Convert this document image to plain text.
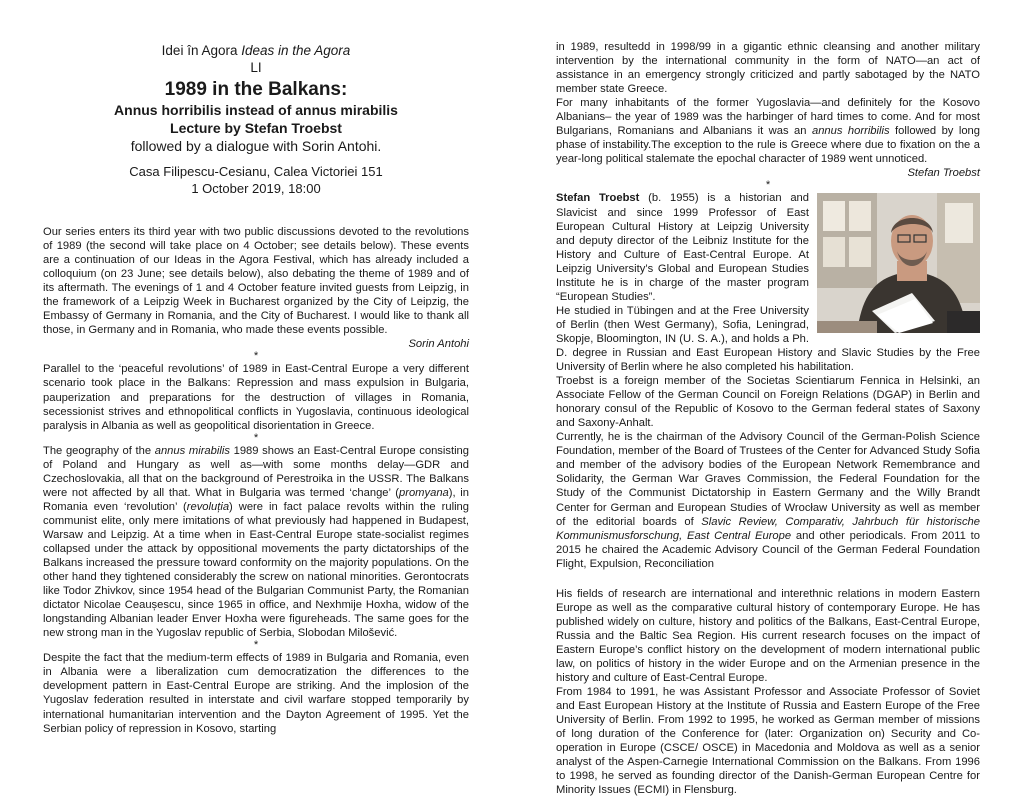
Idei în Agora Ideas in the Agora
LI
1989 in the Balkans:
Annus horribilis instead of annus mirabilis
Lecture by Stefan Troebst
followed by a dialogue with Sorin Antohi.
Casa Filipescu-Cesianu, Calea Victoriei 151
1 October 2019, 18:00

Our series enters its third year with two public discussions devoted to the revolutions of 1989 (the second will take place on 4 October; see details below). These events are a continuation of our Ideas in the Agora Festival, which has already included a colloquium (on 23 June; see details below), also debating the theme of 1989 and of its aftermath. The evenings of 1 and 4 October feature invited guests from Leipzig, in the framework of a Leipzig Week in Bucharest organized by the City of Leipzig, the Embassy of Germany in Romania, and the City of Bucharest. I would like to thank all those, in Germany and in Romania, who made these events possible.

Sorin Antohi

*

Parallel to the ‘peaceful revolutions’ of 1989 in East-Central Europe a very different scenario took place in the Balkans: Repression and mass expulsion in Bulgaria, pauperization and preparations for the destruction of villages in Romania, secessionist strives and ethnopolitical conflicts in Yugoslavia, continuous ideological paralysis in Albania as well as geopolitical disorientation in Greece.

*

The geography of the annus mirabilis 1989 shows an East-Central Europe consisting of Poland and Hungary as well as—with some months delay—GDR and Czechoslovakia, all that on the background of Perestroika in the USSR. The Balkans were not affected by all that. What in Bulgaria was termed ‘change’ (promyana), in Romania even ‘revolution’ (revoluția) were in fact palace revolts within the ruling communist elite, only mere imitations of what previously had happened in Budapest, Warsaw and Leipzig. At a time when in East-Central Europe state-socialist regimes collapsed under the attack by oppositional movements the party dictatorships of the Balkans increased the pressure toward conformity on the majority populations. On the other hand they tightened considerably the screw on national minorities. Gerontocrats like Todor Zhivkov, since 1954 head of the Bulgarian Communist Party, the Romanian dictator Nicolae Ceaușescu, since 1965 in office, and Nexhmije Hoxha, widow of the longstanding Albanian leader Enver Hoxha were figureheads. The same goes for the new strong man in the Yugoslav republic of Serbia, Slobodan Milošević.

*

Despite the fact that the medium-term effects of 1989 in Bulgaria and Romania, even in Albania were a liberalization cum democratization the differences to the development pattern in East-Central Europe are striking. And the implosion of the Yugoslav federation resulted in interstate and civil warfare stopped temporarily by international humanitarian intervention and the Dayton Agreement of 1995. Yet the Serbian policy of repression in Kosovo, starting

in 1989, resultedd in 1998/99 in a gigantic ethnic cleansing and another military intervention by the international community in the form of NATO—an act of assistance in an emergency strongly criticized and partly sabotaged by the NATO member state Greece.

For many inhabitants of the former Yugoslavia—and definitely for the Kosovo Albanians– the year of 1989 was the harbinger of hard times to come. And for most Bulgarians, Romanians and Albanians it was an annus horribilis followed by long phase of instability.The exception to the rule is Greece where due to fixation on the a year-long political stalemate the epochal character of 1989 went unnoticed.

Stefan Troebst

*

Stefan Troebst (b. 1955) is a historian and Slavicist and since 1999 Professor of East European Cultural History at Leipzig University and deputy director of the Leibniz Institute for the History and Culture of East-Central Europe. At Leipzig University’s Global and European Studies Institute he is in charge of the master program “European Studies”.

He studied in Tübingen and at the Free University of Berlin (then West Germany), Sofia, Leningrad, Skopje, Bloomington, IN (U. S. A.), and holds a Ph. D. degree in Russian and East European History and Slavic Studies by the Free University of Berlin where he also completed his habilitation.

Troebst is a foreign member of the Societas Scientiarum Fennica in Helsinki, an Associate Fellow of the German Council on Foreign Relations (DGAP) in Berlin and honorary consul of the Republic of Kosovo to the German federal states of Saxony and Saxony-Anhalt.

Currently, he is the chairman of the Advisory Council of the German-Polish Science Foundation, member of the Board of Trustees of the Center for Advanced Study Sofia and member of the advisory bodies of the European Network Remembrance and Solidarity, the German War Graves Commission, the Federal Foundation for the Study of the Communist Dictatorship in Eastern Germany and the Willy Brandt Center for German and European Studies of Wrocław University as well as member of the editorial boards of Slavic Review, Comparativ, Jahrbuch für historische Kommunismusforschung, East Central Europe and other periodicals. From 2011 to 2015 he chaired the Academic Advisory Council of the German Federal Foundation Flight, Expulsion, Reconciliation

His fields of research are international and interethnic relations in modern Eastern Europe as well as the comparative cultural history of contemporary Europe. He has published widely on culture, history and politics of the Balkans, East-Central Europe, Russia and the Baltic Sea Region. His current research focuses on the impact of Eastern Europe’s conflict history on the development of modern international public law, on politics of history in the wider Europe and on the Armenian presence in the history and culture of East-Central Europe.

From 1984 to 1991, he was Assistant Professor and Associate Professor of Soviet and East European History at the Institute of Russia and Eastern Europe of the Free University of Berlin. From 1992 to 1995, he worked as German member of missions of long duration of the Conference for (later: Organization on) Security and Co-operation in Europe (CSCE/ OSCE) in Macedonia and Moldova as well as a senior analyst of the Aspen-Carnegie International Commission on the Balkans. From 1996 to 1998, he served as founding director of the Danish-German European Centre for Minority Issues (ECMI) in Flensburg.
